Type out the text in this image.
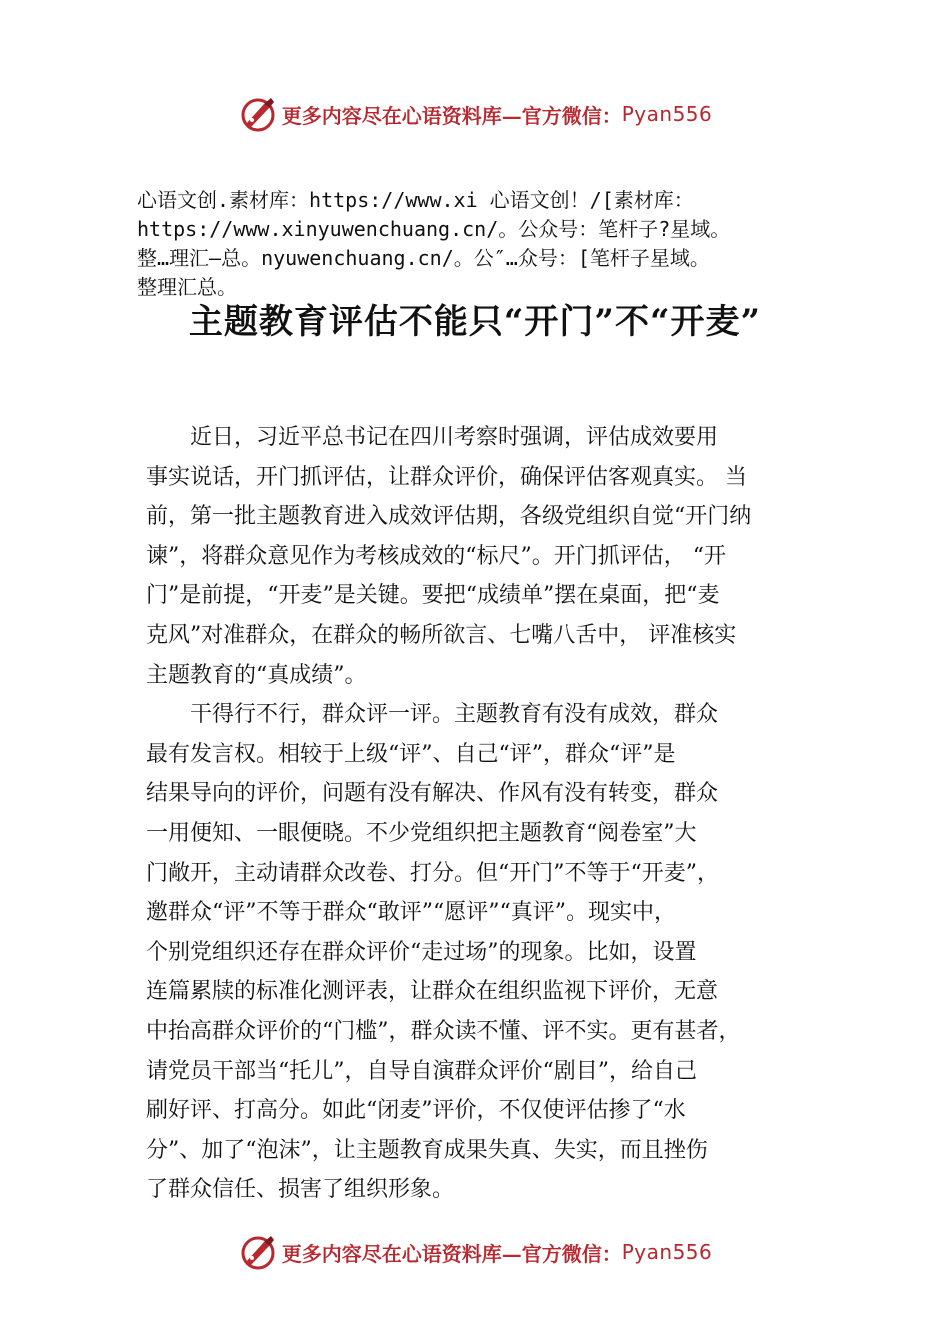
更多内容尽在心语资料库—官方微信： Pyan556
心语文创.素材库：https://www.xi 心语文创！/[素材库：
https://www.xinyuwenchuang.cn/。公众号：笔杆子?星域。
整…理汇—总。nyuwenchuang.cn/。公″…众号：[笔杆子星域。
整理汇总。
主题教育评估不能只“开门”不“开麦”
　　近日，习近平总书记在四川考察时强调，评估成效要用
事实说话，开门抓评估，让群众评价，确保评估客观真实。 当
前，第一批主题教育进入成效评估期，各级党组织自觉“开门纳
谏”，将群众意见作为考核成效的“标尺”。开门抓评估， “开
门”是前提，“开麦”是关键。要把“成绩单”摆在桌面，把“麦
克风”对准群众，在群众的畅所欲言、七嘴八舌中， 评准核实
主题教育的“真成绩”。
　　干得行不行，群众评一评。主题教育有没有成效，群众
最有发言权。相较于上级“评”、自己“评”，群众“评”是
结果导向的评价，问题有没有解决、作风有没有转变，群众
一用便知、一眼便晓。不少党组织把主题教育“阅卷室”大
门敞开，主动请群众改卷、打分。但“开门”不等于“开麦”，
邀群众“评”不等于群众“敢评”“愿评”“真评”。现实中，
个别党组织还存在群众评价“走过场”的现象。比如，设置
连篇累牍的标准化测评表，让群众在组织监视下评价，无意
中抬高群众评价的“门槛”，群众读不懂、评不实。更有甚者，
请党员干部当“托儿”，自导自演群众评价“剧目”，给自己
刷好评、打高分。如此“闭麦”评价，不仅使评估掺了“水
分”、加了“泡沫”，让主题教育成果失真、失实，而且挫伤
了群众信任、损害了组织形象。
更多内容尽在心语资料库—官方微信： Pyan556
